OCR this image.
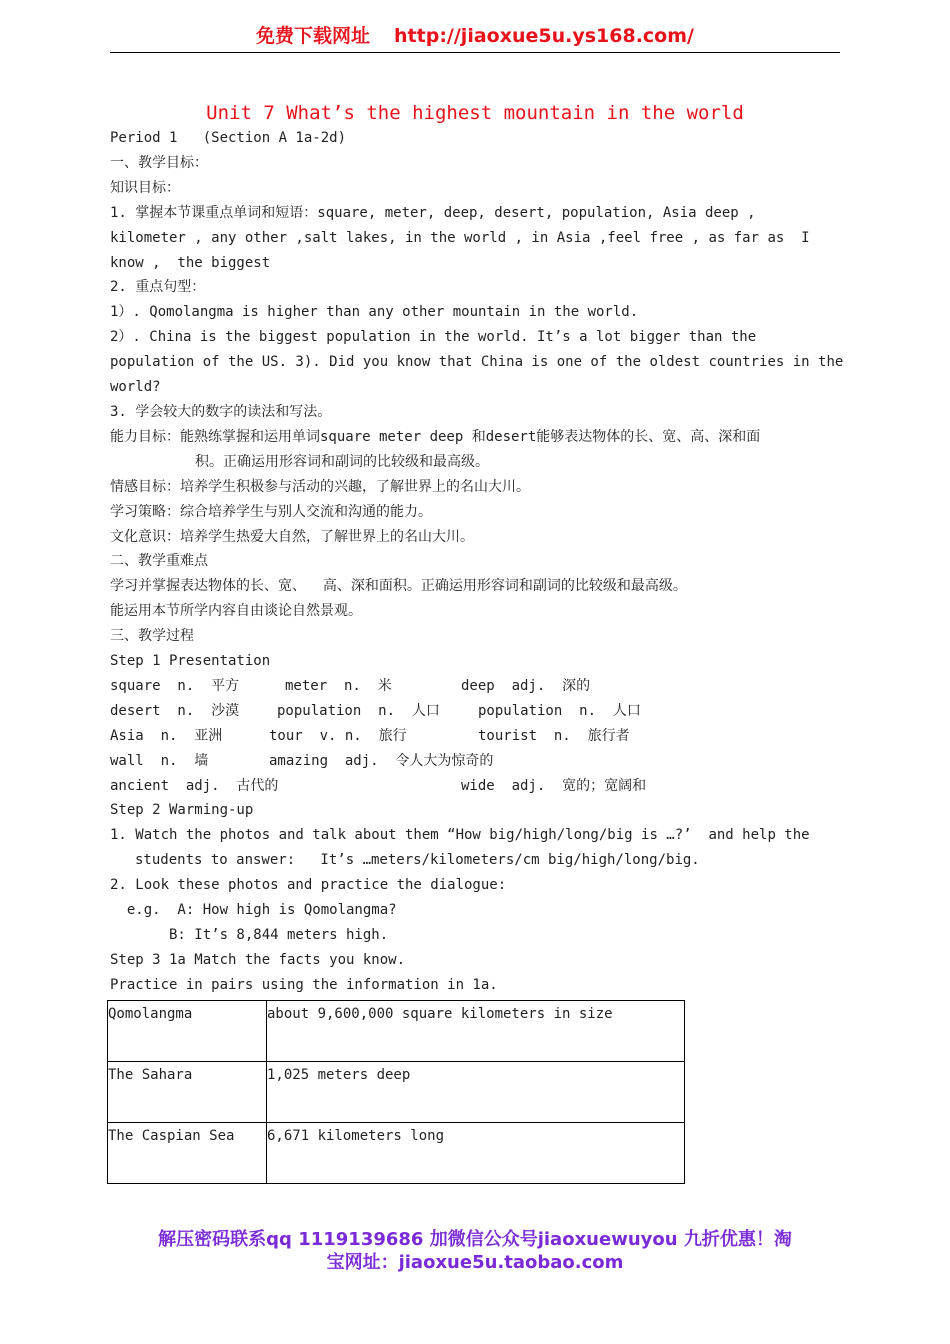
免费下载网址 http://jiaoxue5u.ys168.com/
Unit 7 What’s the highest mountain in the world
Period 1   (Section A 1a-2d)
一、教学目标：
知识目标：
1. 掌握本节课重点单词和短语：square, meter, deep, desert, population, Asia deep ,
kilometer , any other ,salt lakes, in the world , in Asia ,feel free , as far as  I
know ,  the biggest
2. 重点句型：
1）. Qomolangma is higher than any other mountain in the world.
2）. China is the biggest population in the world. It’s a lot bigger than the
population of the US. 3). Did you know that China is one of the oldest countries in the
world?
3. 学会较大的数字的读法和写法。
能力目标：能熟练掌握和运用单词square meter deep 和desert能够表达物体的长、宽、高、深和面
积。正确运用形容词和副词的比较级和最高级。
情感目标：培养学生积极参与活动的兴趣，了解世界上的名山大川。
学习策略：综合培养学生与别人交流和沟通的能力。
文化意识：培养学生热爱大自然，了解世界上的名山大川。
二、教学重难点
学习并掌握表达物体的长、宽、  高、深和面积。正确运用形容词和副词的比较级和最高级。
能运用本节所学内容自由谈论自然景观。
三、教学过程
Step 1 Presentation
square  n.  平方	meter  n.  米	deep  adj.  深的
desert  n.  沙漠	population  n.  人口	population  n.  人口
Asia  n.  亚洲	tour  v. n.  旅行	tourist  n.  旅行者
wall  n.  墙	amazing  adj.  令人大为惊奇的
ancient  adj.  古代的	wide  adj.  宽的；宽阔和
Step 2 Warming-up
1. Watch the photos and talk about them “How big/high/long/big is …?’  and help the
students to answer:   It’s …meters/kilometers/cm big/high/long/big.
2. Look these photos and practice the dialogue:
e.g.  A: How high is Qomolangma?
B: It’s 8,844 meters high.
Step 3 1a Match the facts you know.
Practice in pairs using the information in 1a.
Qomolangma	about 9,600,000 square kilometers in size
The Sahara	1,025 meters deep
The Caspian Sea	6,671 kilometers long
解压密码联系qq 1119139686 加微信公众号jiaoxuewuyou 九折优惠！淘
宝网址：jiaoxue5u.taobao.com
